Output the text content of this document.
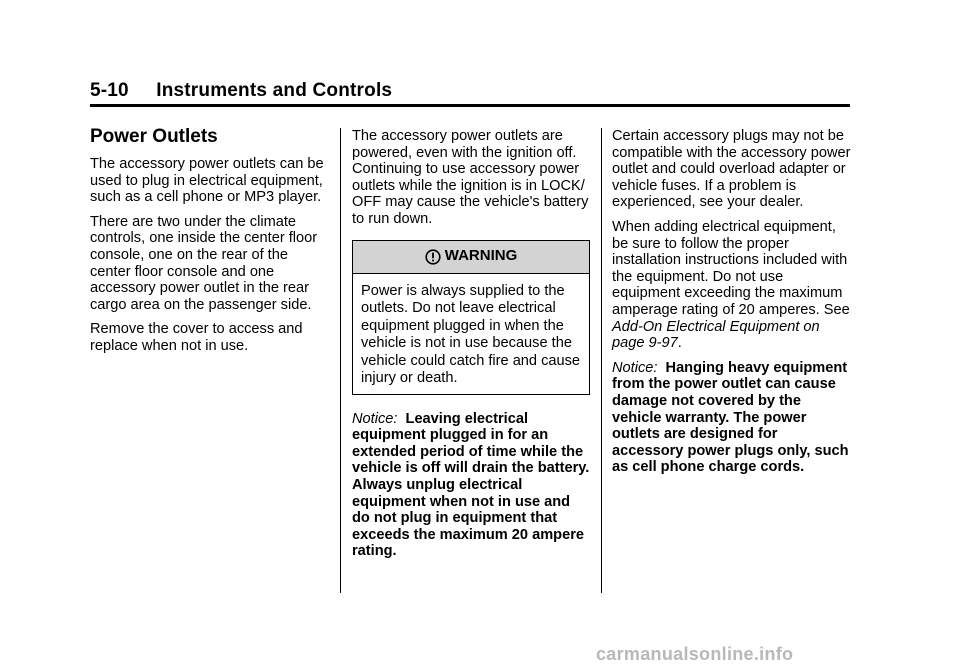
5-10     Instruments and Controls
Power Outlets

The accessory power outlets can be used to plug in electrical equipment, such as a cell phone or MP3 player.

There are two under the climate controls, one inside the center floor console, one on the rear of the center floor console and one accessory power outlet in the rear cargo area on the passenger side.

Remove the cover to access and replace when not in use.

The accessory power outlets are powered, even with the ignition off. Continuing to use accessory power outlets while the ignition is in LOCK/ OFF may cause the vehicle's battery to run down.

WARNING
Power is always supplied to the outlets. Do not leave electrical equipment plugged in when the vehicle is not in use because the vehicle could catch fire and cause injury or death.

Notice: Leaving electrical equipment plugged in for an extended period of time while the vehicle is off will drain the battery. Always unplug electrical equipment when not in use and do not plug in equipment that exceeds the maximum 20 ampere rating.

Certain accessory plugs may not be compatible with the accessory power outlet and could overload adapter or vehicle fuses. If a problem is experienced, see your dealer.

When adding electrical equipment, be sure to follow the proper installation instructions included with the equipment. Do not use equipment exceeding the maximum amperage rating of 20 amperes. See Add-On Electrical Equipment on page 9-97.

Notice: Hanging heavy equipment from the power outlet can cause damage not covered by the vehicle warranty. The power outlets are designed for accessory power plugs only, such as cell phone charge cords.

carmanualsonline.info
